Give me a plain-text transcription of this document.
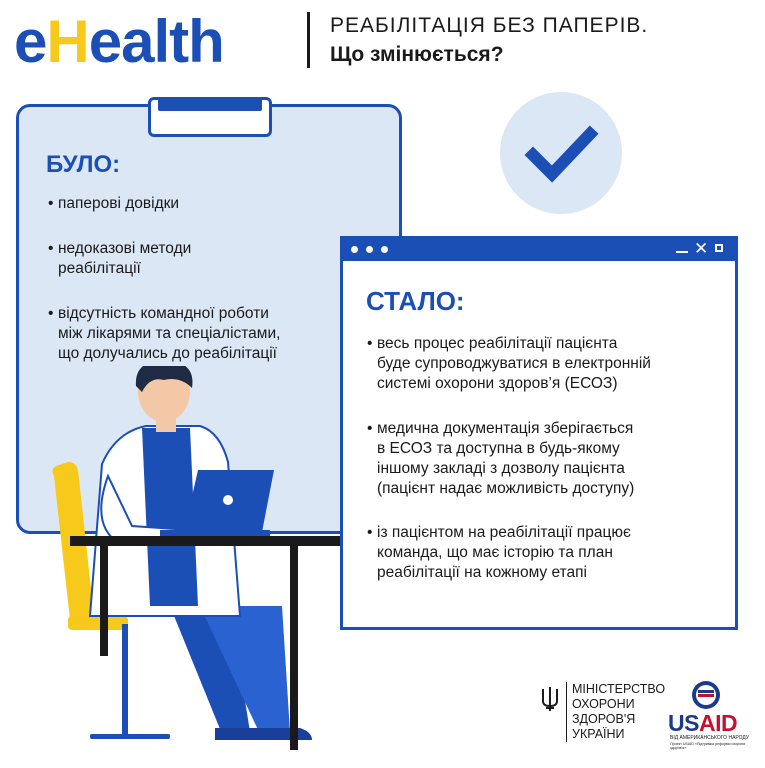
eHealth	РЕАБІЛІТАЦІЯ БЕЗ ПАПЕРІВ.
Що змінюється?
БУЛО:
• паперові довідки
• недоказові методи
реабілітації
• відсутність командної роботи
між лікарями та спеціалістами,
що долучались до реабілітації
✕
СТАЛО:
• весь процес реабілітації пацієнта
буде супроводжуватися в електронній
системі охорони здоров’я (ЕСОЗ)
• медична документація зберігається
в ЕСОЗ та доступна в будь-якому
іншому закладі з дозволу пацієнта
(пацієнт надає можливість доступу)
• із пацієнтом на реабілітації працює
команда, що має історію та план
реабілітації на кожному етапі
МІНІСТЕРСТВО
ОХОРОНИ
ЗДОРОВ'Я
УКРАЇНИ	USAID
ВІД АМЕРИКАНСЬКОГО НАРОДУ
Проект USAID «Підтримка реформи охорони здоров'я»
